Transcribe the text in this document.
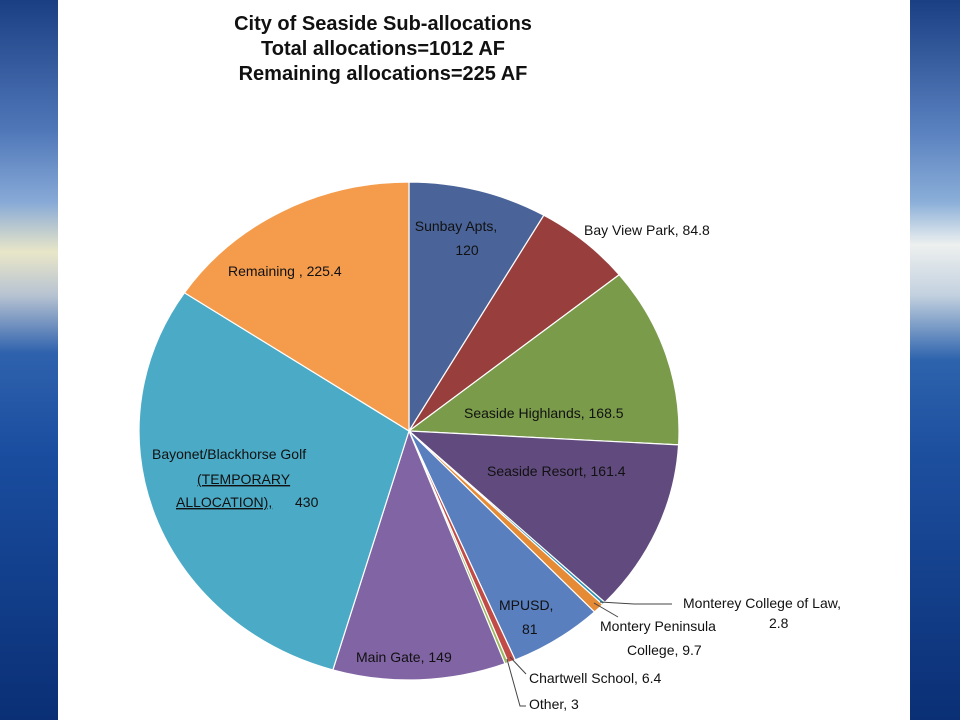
City of Seaside Sub-allocations
Total allocations=1012 AF
Remaining allocations=225 AF
Sunbay Apts,
120
Bay View Park, 84.8
Seaside Highlands, 168.5
Seaside Resort, 161.4
Monterey College of Law,
2.8
Montery Peninsula
College, 9.7
MPUSD,
81
Chartwell School, 6.4
Other, 3
Main Gate, 149
Bayonet/Blackhorse Golf
(TEMPORARY
ALLOCATION), 430
Remaining , 225.4
